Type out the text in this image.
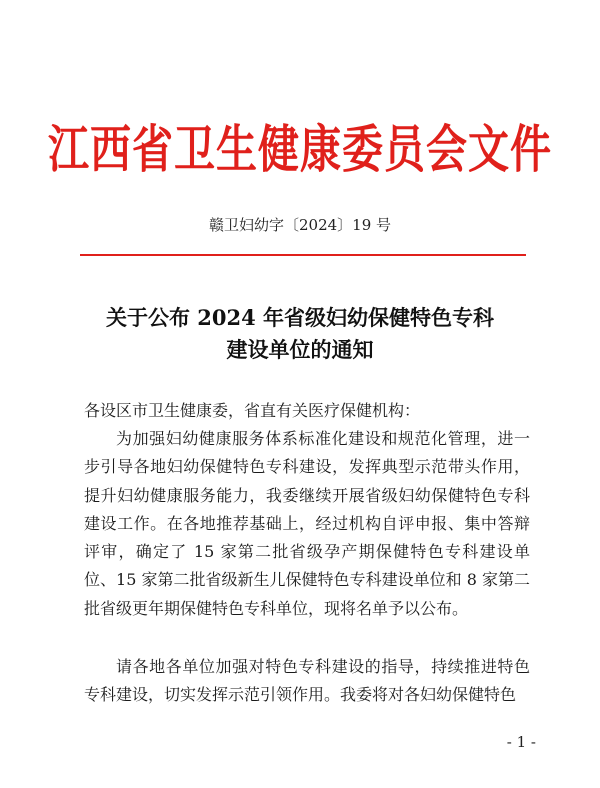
江西省卫生健康委员会文件
赣卫妇幼字〔2024〕19 号
关于公布 2024 年省级妇幼保健特色专科
建设单位的通知
各设区市卫生健康委，省直有关医疗保健机构：

为加强妇幼健康服务体系标准化建设和规范化管理，进一步引导各地妇幼保健特色专科建设，发挥典型示范带头作用，提升妇幼健康服务能力，我委继续开展省级妇幼保健特色专科建设工作。在各地推荐基础上，经过机构自评申报、集中答辩评审，确定了 15 家第二批省级孕产期保健特色专科建设单位、15 家第二批省级新生儿保健特色专科建设单位和 8 家第二批省级更年期保健特色专科单位，现将名单予以公布。

请各地各单位加强对特色专科建设的指导，持续推进特色专科建设，切实发挥示范引领作用。我委将对各妇幼保健特色

- 1 -
